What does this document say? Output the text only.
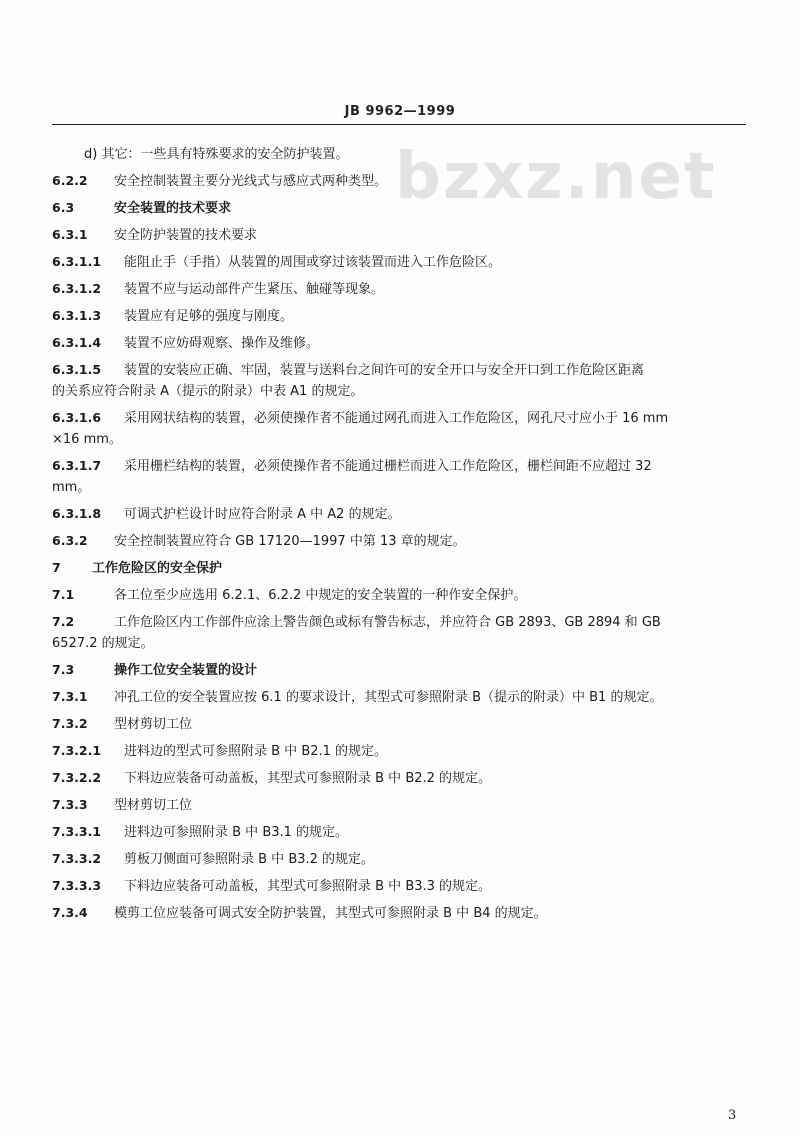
JB 9962—1999
bzxz.net
d) 其它：一些具有特殊要求的安全防护装置。
6.2.2 安全控制装置主要分光线式与感应式两种类型。
6.3	安全装置的技术要求
6.3.1 安全防护装置的技术要求
6.3.1.1 能阻止手（手指）从装置的周围或穿过该装置而进入工作危险区。
6.3.1.2 装置不应与运动部件产生紧压、触碰等现象。
6.3.1.3 装置应有足够的强度与刚度。
6.3.1.4 装置不应妨碍观察、操作及维修。
6.3.1.5 装置的安装应正确、牢固，装置与送料台之间许可的安全开口与安全开口到工作危险区距离
的关系应符合附录 A（提示的附录）中表 A1 的规定。
6.3.1.6 采用网状结构的装置，必须使操作者不能通过网孔而进入工作危险区，网孔尺寸应小于 16 mm
×16 mm。
6.3.1.7 采用栅栏结构的装置，必须使操作者不能通过栅栏而进入工作危险区，栅栏间距不应超过 32
mm。
6.3.1.8 可调式护栏设计时应符合附录 A 中 A2 的规定。
6.3.2 安全控制装置应符合 GB 17120—1997 中第 13 章的规定。
7 工作危险区的安全保护
7.1	各工位至少应选用 6.2.1、6.2.2 中规定的安全装置的一种作安全保护。
7.2	工作危险区内工作部件应涂上警告颜色或标有警告标志，并应符合 GB 2893、GB 2894 和 GB
6527.2 的规定。
7.3	操作工位安全装置的设计
7.3.1 冲孔工位的安全装置应按 6.1 的要求设计，其型式可参照附录 B（提示的附录）中 B1 的规定。
7.3.2 型材剪切工位
7.3.2.1 进料边的型式可参照附录 B 中 B2.1 的规定。
7.3.2.2 下料边应装备可动盖板，其型式可参照附录 B 中 B2.2 的规定。
7.3.3 型材剪切工位
7.3.3.1 进料边可参照附录 B 中 B3.1 的规定。
7.3.3.2 剪板刀侧面可参照附录 B 中 B3.2 的规定。
7.3.3.3 下料边应装备可动盖板，其型式可参照附录 B 中 B3.3 的规定。
7.3.4 模剪工位应装备可调式安全防护装置，其型式可参照附录 B 中 B4 的规定。
3
